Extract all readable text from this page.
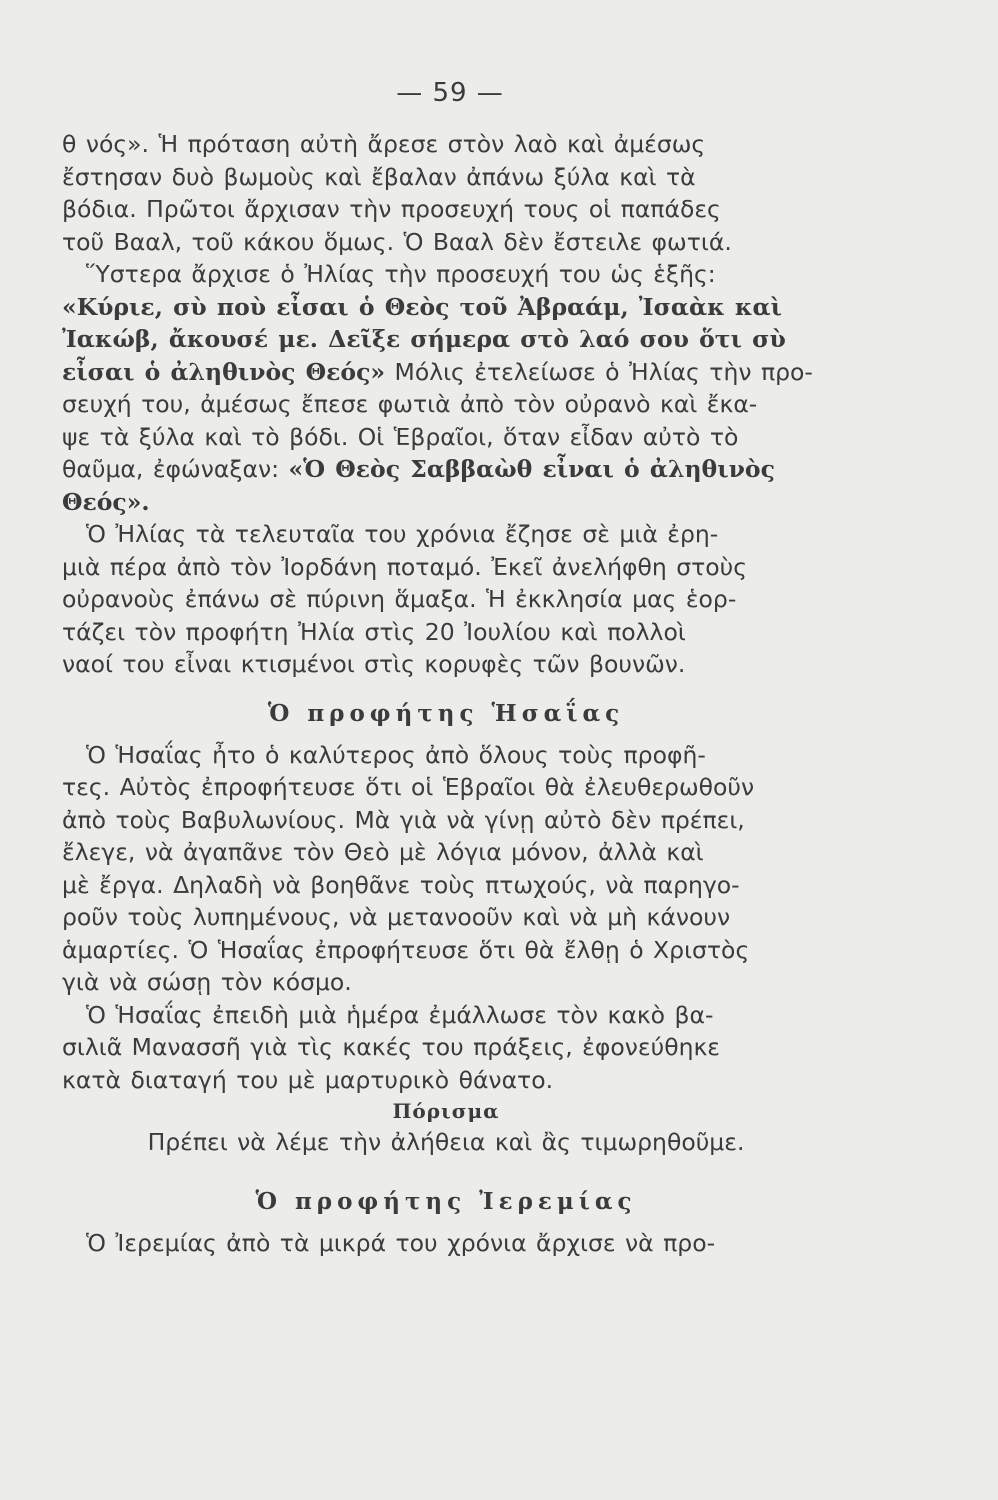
— 59 —
θ νός». Ἡ πρόταση αὐτὴ ἄρεσε στὸν λαὸ καὶ ἀμέσως
ἔστησαν δυὸ βωμοὺς καὶ ἔβαλαν ἀπάνω ξύλα καὶ τὰ
βόδια. Πρῶτοι ἄρχισαν τὴν προσευχή τους οἱ παπάδες
τοῦ Βααλ, τοῦ κάκου ὅμως. Ὁ Βααλ δὲν ἔστειλε φωτιά.
Ὕστερα ἄρχισε ὁ Ἠλίας τὴν προσευχή του ὡς ἑξῆς:
«Κύριε, σὺ ποὺ εἶσαι ὁ Θεὸς τοῦ Ἀβραάμ, Ἰσαὰκ καὶ
Ἰακώβ, ἄκουσέ με. Δεῖξε σήμερα στὸ λαό σου ὅτι σὺ
εἶσαι ὁ ἀληθινὸς Θεός» Μόλις ἐτελείωσε ὁ Ἠλίας τὴν προ-
σευχή του, ἀμέσως ἔπεσε φωτιὰ ἀπὸ τὸν οὐρανὸ καὶ ἔκα-
ψε τὰ ξύλα καὶ τὸ βόδι. Οἱ Ἑβραῖοι, ὅταν εἶδαν αὐτὸ τὸ
θαῦμα, ἐφώναξαν: «Ὁ Θεὸς Σαββαὼθ εἶναι ὁ ἀληθινὸς
Θεός».
Ὁ Ἠλίας τὰ τελευταῖα του χρόνια ἔζησε σὲ μιὰ ἐρη-
μιὰ πέρα ἀπὸ τὸν Ἰορδάνη ποταμό. Ἐκεῖ ἀνελήφθη στοὺς
οὐρανοὺς ἐπάνω σὲ πύρινη ἅμαξα. Ἡ ἐκκλησία μας ἑορ-
τάζει τὸν προφήτη Ἠλία στὶς 20 Ἰουλίου καὶ πολλοὶ
ναοί του εἶναι κτισμένοι στὶς κορυφὲς τῶν βουνῶν.
Ὁ προφήτης Ἡσαΐας
Ὁ Ἡσαΐας ἦτο ὁ καλύτερος ἀπὸ ὅλους τοὺς προφῆ-
τες. Αὐτὸς ἐπροφήτευσε ὅτι οἱ Ἑβραῖοι θὰ ἐλευθερωθοῦν
ἀπὸ τοὺς Βαβυλωνίους. Μὰ γιὰ νὰ γίνῃ αὐτὸ δὲν πρέπει,
ἔλεγε, νὰ ἀγαπᾶνε τὸν Θεὸ μὲ λόγια μόνον, ἀλλὰ καὶ
μὲ ἔργα. Δηλαδὴ νὰ βοηθᾶνε τοὺς πτωχούς, νὰ παρηγο-
ροῦν τοὺς λυπημένους, νὰ μετανοοῦν καὶ νὰ μὴ κάνουν
ἁμαρτίες. Ὁ Ἡσαΐας ἐπροφήτευσε ὅτι θὰ ἔλθῃ ὁ Χριστὸς
γιὰ νὰ σώσῃ τὸν κόσμο.
Ὁ Ἡσαΐας ἐπειδὴ μιὰ ἡμέρα ἐμάλλωσε τὸν κακὸ βα-
σιλιᾶ Μανασσῆ γιὰ τὶς κακές του πράξεις, ἐφονεύθηκε
κατὰ διαταγή του μὲ μαρτυρικὸ θάνατο.
Πόρισμα
Πρέπει νὰ λέμε τὴν ἀλήθεια καὶ ἂς τιμωρηθοῦμε.
Ὁ προφήτης Ἰερεμίας
Ὁ Ἰερεμίας ἀπὸ τὰ μικρά του χρόνια ἄρχισε νὰ προ-
